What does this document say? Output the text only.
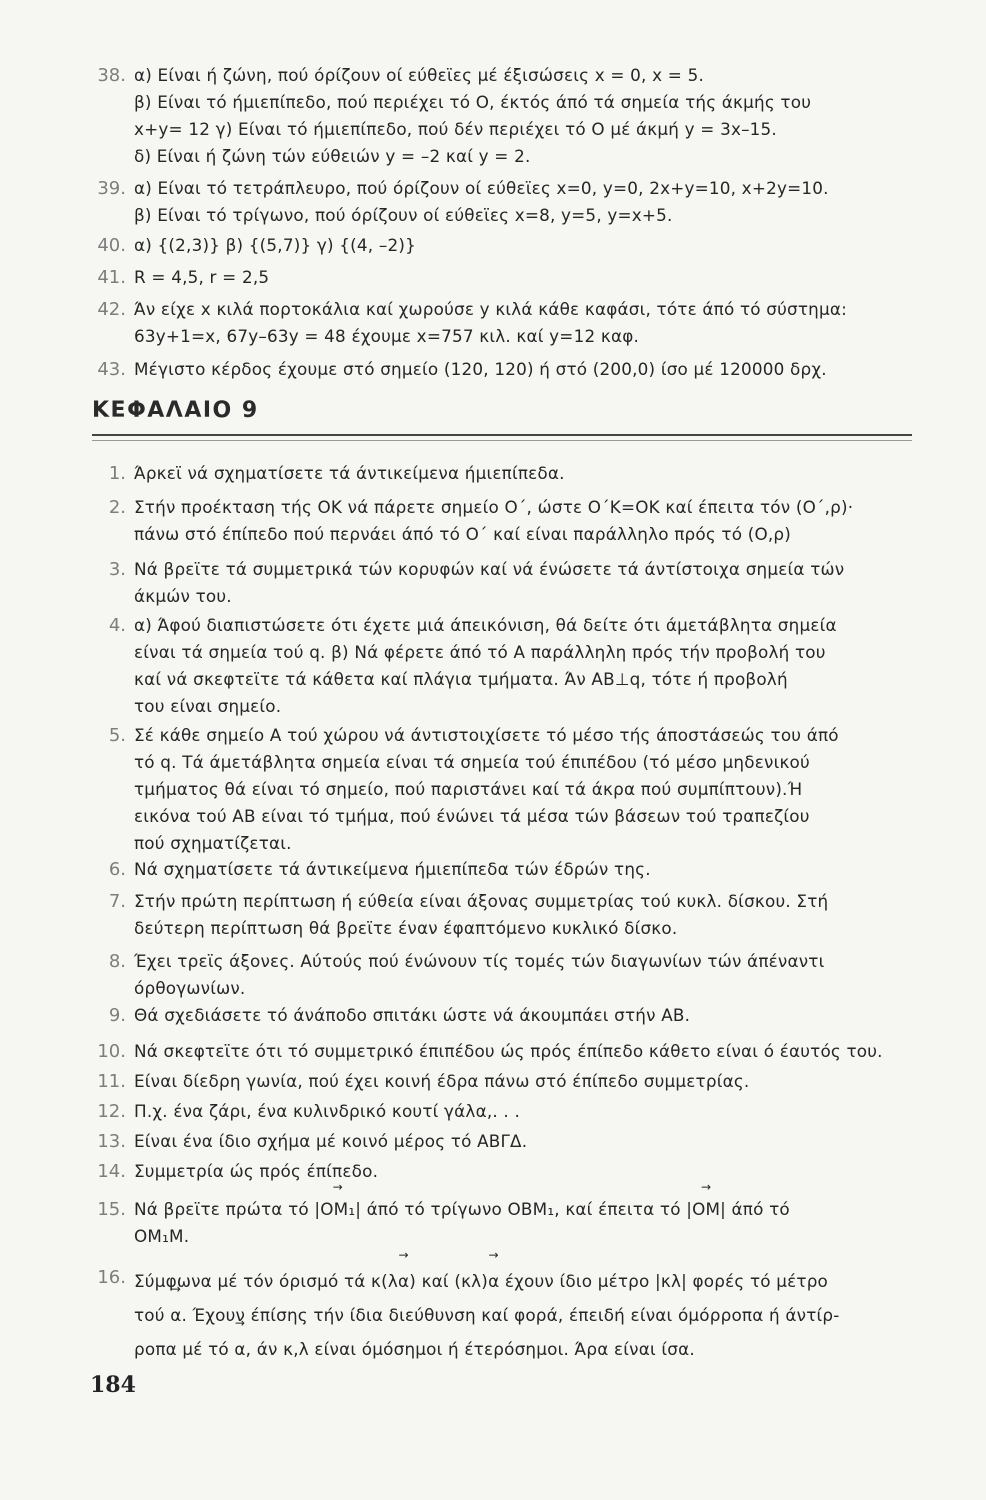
38. α) Είναι ή ζώνη, πού όρίζουν οί εύθεϊες μέ έξισώσεις x = 0, x = 5.
β) Είναι τό ήμιεπίπεδο, πού περιέχει τό Ο, έκτός άπό τά σημεία τής άκμής του
x+y= 12 γ) Είναι τό ήμιεπίπεδο, πού δέν περιέχει τό Ο μέ άκμή y = 3x–15.
δ) Είναι ή ζώνη τών εύθειών y = –2 καί y = 2.
39. α) Είναι τό τετράπλευρο, πού όρίζουν οί εύθεϊες x=0, y=0, 2x+y=10, x+2y=10.
β) Είναι τό τρίγωνο, πού όρίζουν οί εύθεϊες x=8, y=5, y=x+5.
40. α) {(2,3)} β) {(5,7)} γ) {(4, –2)}
41. R = 4,5, r = 2,5
42. Άν είχε x κιλά πορτοκάλια καί χωρούσε y κιλά κάθε καφάσι, τότε άπό τό σύστημα:
63y+1=x, 67y–63y = 48 έχουμε x=757 κιλ. καί y=12 καφ.
43. Μέγιστο κέρδος έχουμε στό σημείο (120, 120) ή στό (200,0) ίσο μέ 120000 δρχ.
ΚΕΦΑΛΑΙΟ 9
1. Άρκεϊ νά σχηματίσετε τά άντικείμενα ήμιεπίπεδα.
2. Στήν προέκταση τής ΟΚ νά πάρετε σημείο Ο΄, ώστε Ο΄Κ=ΟΚ καί έπειτα τόν (Ο΄,ρ)·
πάνω στό έπίπεδο πού περνάει άπό τό Ο΄ καί είναι παράλληλο πρός τό (Ο,ρ)
3. Νά βρεϊτε τά συμμετρικά τών κορυφών καί νά ένώσετε τά άντίστοιχα σημεία τών
άκμών του.
4. α) Άφού διαπιστώσετε ότι έχετε μιά άπεικόνιση, θά δείτε ότι άμετάβλητα σημεία
είναι τά σημεία τού q. β) Νά φέρετε άπό τό Α παράλληλη πρός τήν προβολή του
καί νά σκεφτεϊτε τά κάθετα καί πλάγια τμήματα. Άν ΑΒ⊥q, τότε ή προβολή
του είναι σημείο.
5. Σέ κάθε σημείο Α τού χώρου νά άντιστοιχίσετε τό μέσο τής άποστάσεώς του άπό
τό q. Τά άμετάβλητα σημεία είναι τά σημεία τού έπιπέδου (τό μέσο μηδενικού
τμήματος θά είναι τό σημείο, πού παριστάνει καί τά άκρα πού συμπίπτουν).Ή
εικόνα τού ΑΒ είναι τό τμήμα, πού ένώνει τά μέσα τών βάσεων τού τραπεζίου
πού σχηματίζεται.
6. Νά σχηματίσετε τά άντικείμενα ήμιεπίπεδα τών έδρών της.
7. Στήν πρώτη περίπτωση ή εύθεία είναι άξονας συμμετρίας τού κυκλ. δίσκου. Στή
δεύτερη περίπτωση θά βρεϊτε έναν έφαπτόμενο κυκλικό δίσκο.
8. Έχει τρεϊς άξονες. Αύτούς πού ένώνουν τίς τομές τών διαγωνίων τών άπέναντι
όρθογωνίων.
9. Θά σχεδιάσετε τό άνάποδο σπιτάκι ώστε νά άκουμπάει στήν ΑΒ.
10. Νά σκεφτεϊτε ότι τό συμμετρικό έπιπέδου ώς πρός έπίπεδο κάθετο είναι ό έαυτός του.
11. Είναι δίεδρη γωνία, πού έχει κοινή έδρα πάνω στό έπίπεδο συμμετρίας.
12. Π.χ. ένα ζάρι, ένα κυλινδρικό κουτί γάλα,. . .
13. Είναι ένα ίδιο σχήμα μέ κοινό μέρος τό ΑΒΓΔ.
14. Συμμετρία ώς πρός έπίπεδο.
15. Νά βρεϊτε πρώτα τό → |ΟΜ₁| άπό τό τρίγωνο ΟΒΜ₁, καί έπειτα τό → |ΟΜ| άπό τό
ΟΜ₁Μ.
16. Σύμφωνα μέ τόν όρισμό τά κ(λ→ α) καί (κλ)→ α έχουν ίδιο μέτρο |κλ| φορές τό μέτρο
τού → α. Έχουν έπίσης τήν ίδια διεύθυνση καί φορά, έπειδή είναι όμόρροπα ή άντίρ-
ροπα μέ τό → α, άν κ,λ είναι όμόσημοι ή έτερόσημοι. Άρα είναι ίσα.
184
